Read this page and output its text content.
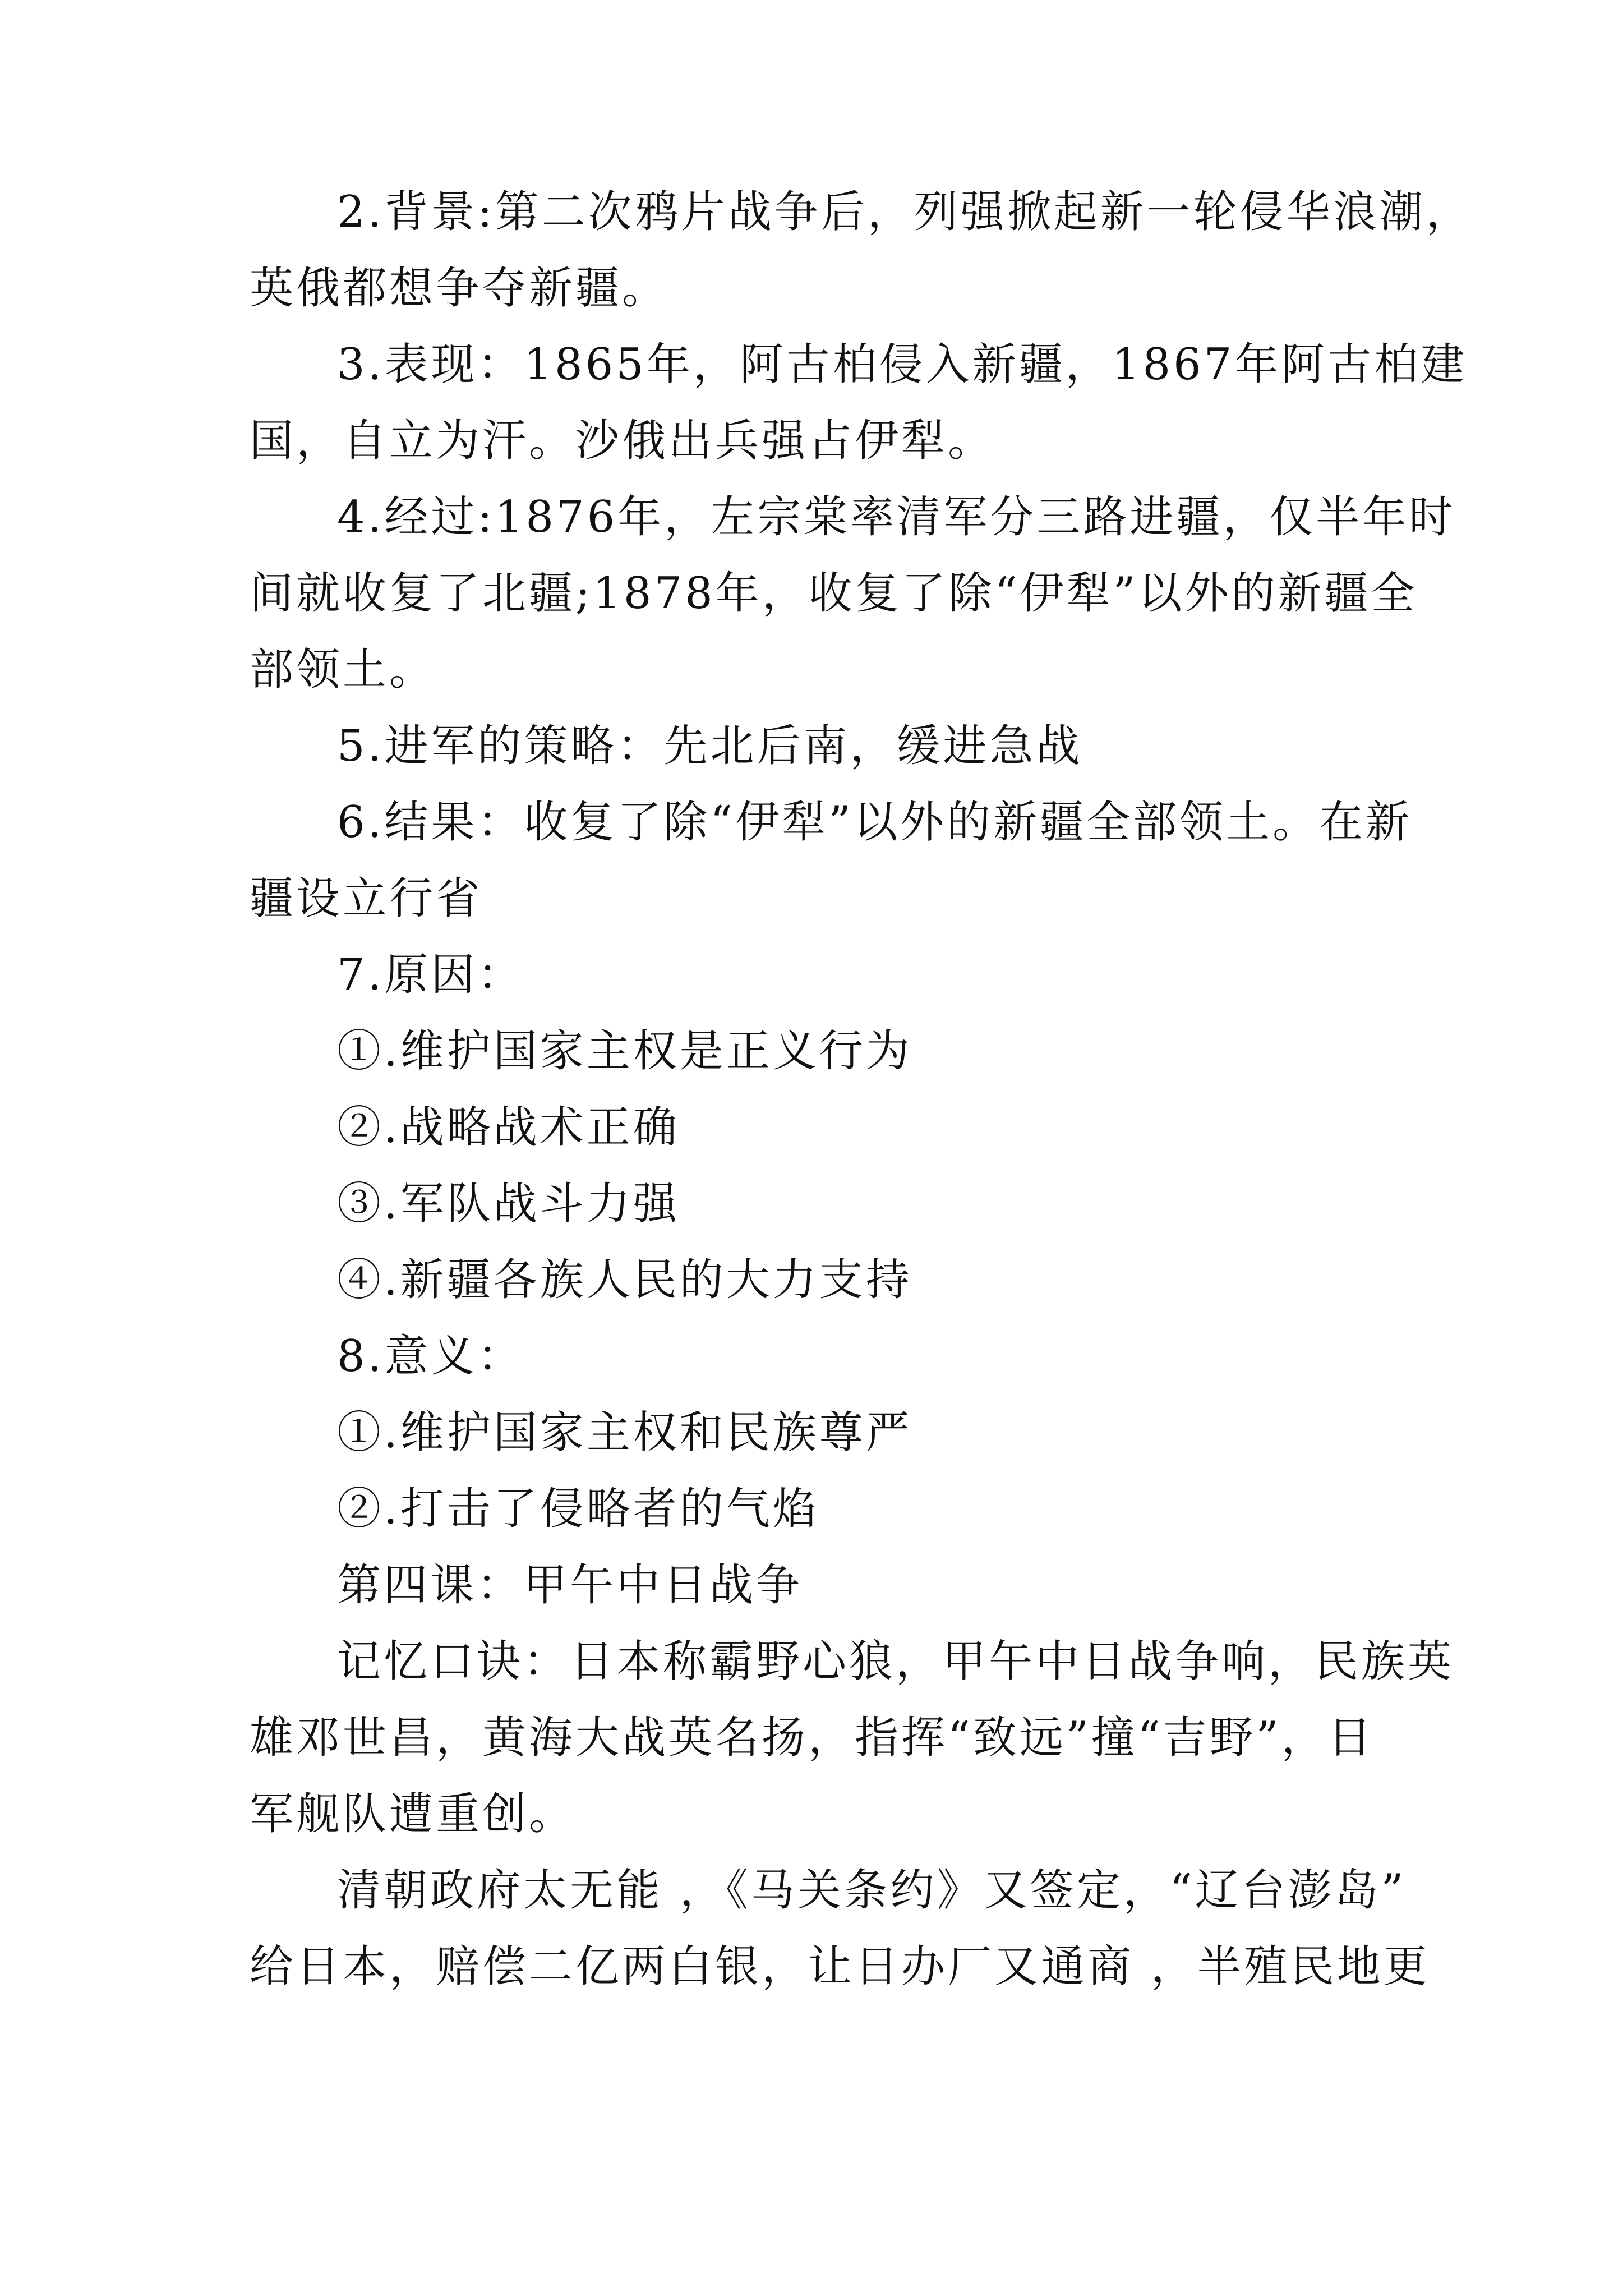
2.背景:第二次鸦片战争后，列强掀起新一轮侵华浪潮，
英俄都想争夺新疆。
3.表现：1865年，阿古柏侵入新疆，1867年阿古柏建
国，自立为汗。沙俄出兵强占伊犁。
4.经过:1876年，左宗棠率清军分三路进疆，仅半年时
间就收复了北疆;1878年，收复了除“伊犁”以外的新疆全
部领土。
5.进军的策略：先北后南，缓进急战
6.结果：收复了除“伊犁”以外的新疆全部领土。在新
疆设立行省
7.原因：
①.维护国家主权是正义行为
②.战略战术正确
③.军队战斗力强
④.新疆各族人民的大力支持
8.意义：
①.维护国家主权和民族尊严
②.打击了侵略者的气焰
第四课：甲午中日战争
记忆口诀：日本称霸野心狼，甲午中日战争响，民族英
雄邓世昌，黄海大战英名扬，指挥“致远”撞“吉野”，日
军舰队遭重创。
清朝政府太无能 ，《马关条约》又签定，“辽台澎岛”
给日本，赔偿二亿两白银，让日办厂又通商 ，半殖民地更
